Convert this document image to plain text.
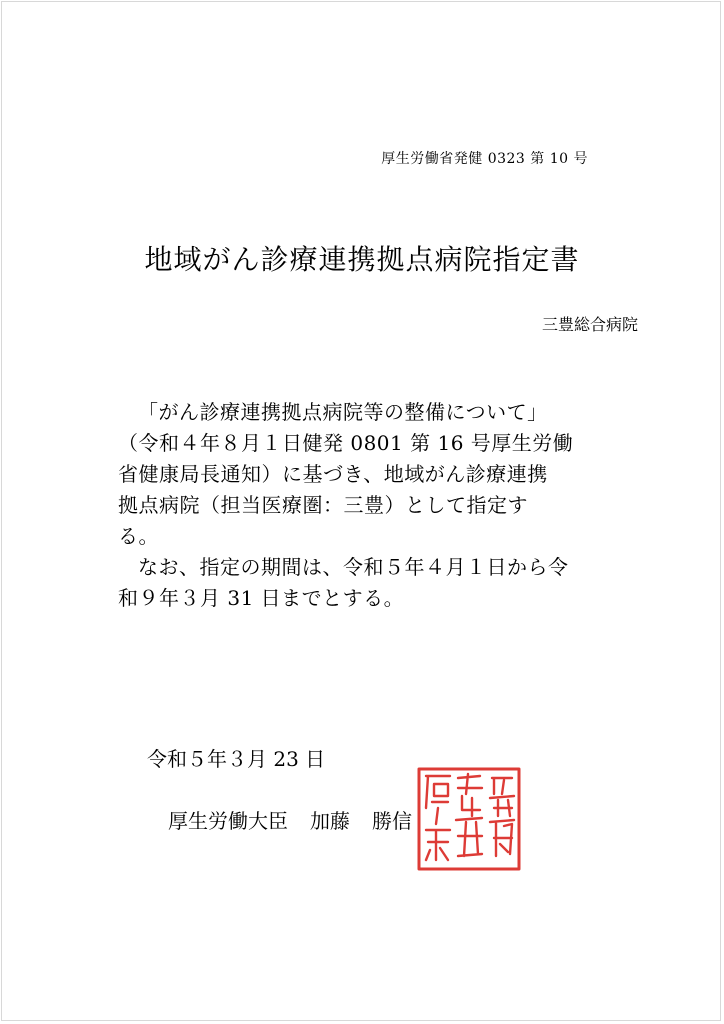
厚生労働省発健 0323 第 10 号
地域がん診療連携拠点病院指定書
三豊総合病院

「がん診療連携拠点病院等の整備について」

（令和４年８月１日健発 0801 第 16 号厚生労働

省健康局長通知）に基づき、地域がん診療連携

拠点病院（担当医療圏：三豊）として指定す

る。

なお、指定の期間は、令和５年４月１日から令

和９年３月 31 日までとする。

令和５年３月 23 日
厚生労働大臣 加藤 勝信
